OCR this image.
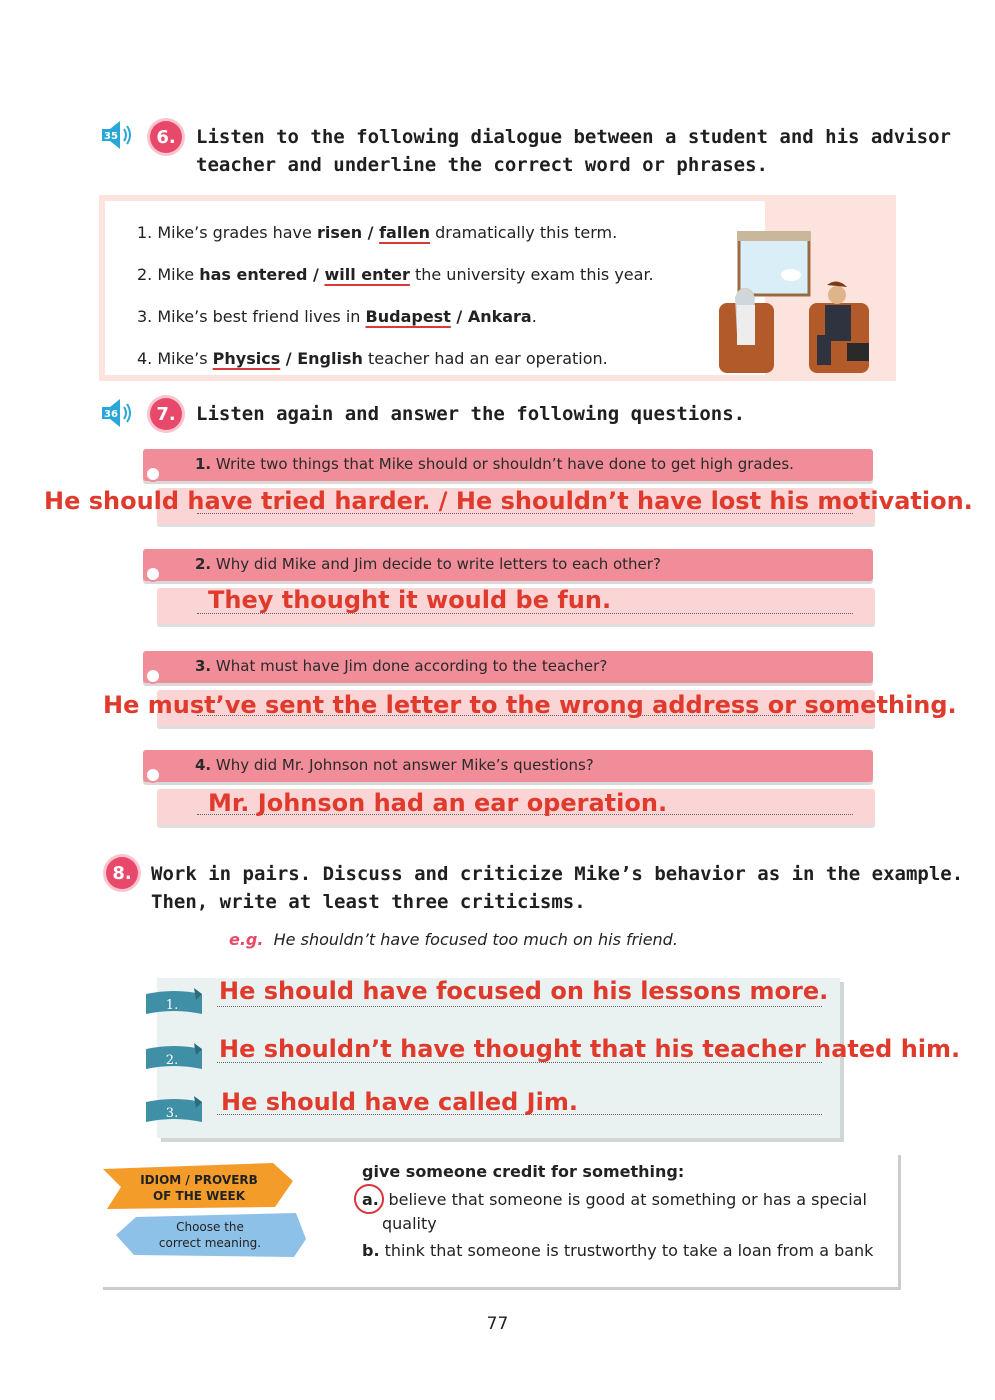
35	6.	Listen to the following dialogue between a student and his advisor
teacher and underline the correct word or phrases.
1. Mike’s grades have risen / fallen dramatically this term.
2. Mike has entered / will enter the university exam this year.
3. Mike’s best friend lives in Budapest / Ankara.
4. Mike’s Physics / English teacher had an ear operation.
36	7.	Listen again and answer the following questions.
1. Write two things that Mike should or shouldn’t have done to get high grades.
He should have tried harder. / He shouldn’t have lost his motivation.
2. Why did Mike and Jim decide to write letters to each other?
They thought it would be fun.
3. What must have Jim done according to the teacher?
He must’ve sent the letter to the wrong address or something.
4. Why did Mr. Johnson not answer Mike’s questions?
Mr. Johnson had an ear operation.
8.	Work in pairs. Discuss and criticize Mike’s behavior as in the example.
Then, write at least three criticisms.
e.g. He shouldn’t have focused too much on his friend.
1.
2.
3.
He should have focused on his lessons more.
He shouldn’t have thought that his teacher hated him.
He should have called Jim.
IDIOM / PROVERB
OF THE WEEK
Choose the
correct meaning.
give someone credit for something:
a. believe that someone is good at something or has a special
quality
b. think that someone is trustworthy to take a loan from a bank
77
